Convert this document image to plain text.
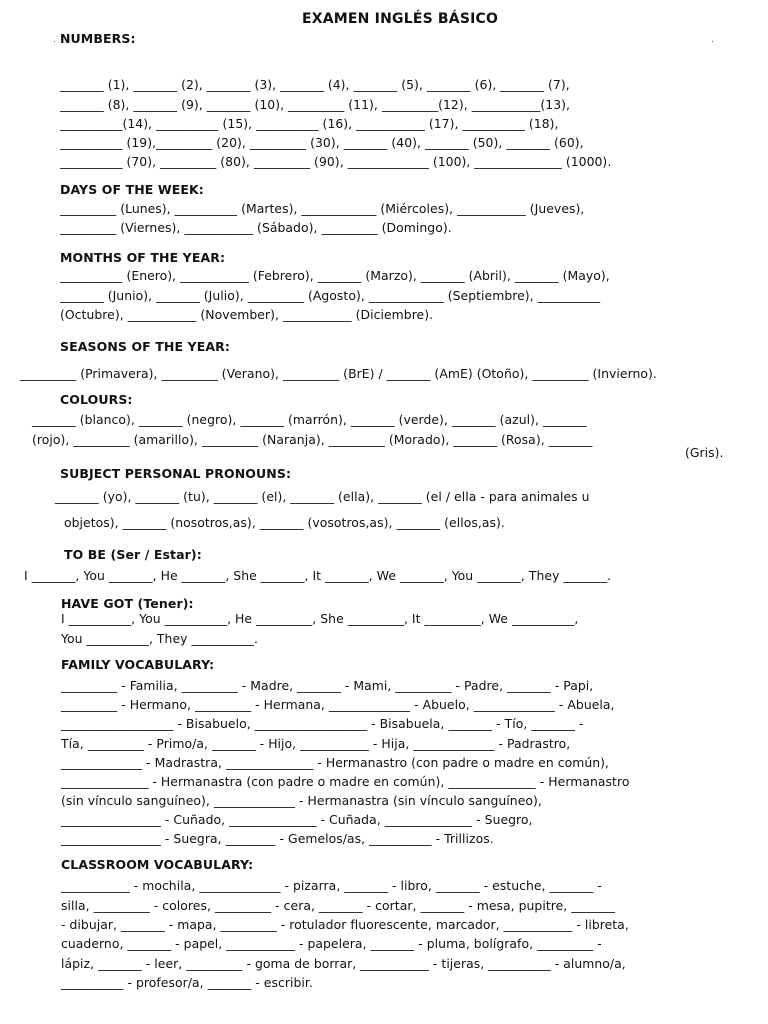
EXAMEN INGLÉS BÁSICO
.	.
NUMBERS:
_______ (1), _______ (2), _______ (3), _______ (4), _______ (5), _______ (6), _______ (7),
_______ (8), _______ (9), _______ (10), _________ (11), _________(12), ___________(13),
__________(14), __________ (15), __________ (16), ___________ (17), __________ (18),
__________ (19),_________ (20), _________ (30), _______ (40), _______ (50), _______ (60),
__________ (70), _________ (80), _________ (90), _____________ (100), ______________ (1000).
DAYS OF THE WEEK:
_________ (Lunes), __________ (Martes), ____________ (Miércoles), ___________ (Jueves),
_________ (Viernes), ___________ (Sábado), _________ (Domingo).
MONTHS OF THE YEAR:
__________ (Enero), ___________ (Febrero), _______ (Marzo), _______ (Abril), _______ (Mayo),
_______ (Junio), _______ (Julio), _________ (Agosto), ____________ (Septiembre), __________
(Octubre), ___________ (November), ___________ (Diciembre).
SEASONS OF THE YEAR:
_________ (Primavera), _________ (Verano), _________ (BrE) / _______ (AmE) (Otoño), _________ (Invierno).
COLOURS:
_______ (blanco), _______ (negro), _______ (marrón), _______ (verde), _______ (azul), _______
(rojo), _________ (amarillo), _________ (Naranja), _________ (Morado), _______ (Rosa), _______
(Gris).
SUBJECT PERSONAL PRONOUNS:
_______ (yo), _______ (tu), _______ (el), _______ (ella), _______ (el / ella - para animales u
objetos), _______ (nosotros,as), _______ (vosotros,as), _______ (ellos,as).
TO BE (Ser / Estar):
I _______, You _______, He _______, She _______, It _______, We _______, You _______, They _______.
HAVE GOT (Tener):
I __________, You __________, He _________, She _________, It _________, We __________,
You __________, They __________.
FAMILY VOCABULARY:
_________ - Familia, _________ - Madre, _______ - Mami, _________ - Padre, _______ - Papi,
_________ - Hermano, _________ - Hermana, _____________ - Abuelo, _____________ - Abuela,
__________________ - Bisabuelo, __________________ - Bisabuela, _______ - Tío, _______ -
Tía, _________ - Primo/a, _______ - Hijo, ___________ - Hija, _____________ - Padrastro,
_____________ - Madrastra, ______________ - Hermanastro (con padre o madre en común),
______________ - Hermanastra (con padre o madre en común), ______________ - Hermanastro
(sin vínculo sanguíneo), _____________ - Hermanastra (sin vínculo sanguíneo),
________________ - Cuñado, ______________ - Cuñada, ______________ - Suegro,
________________ - Suegra, ________ - Gemelos/as, __________ - Trillizos.
CLASSROOM VOCABULARY:
___________ - mochila, _____________ - pizarra, _______ - libro, _______ - estuche, _______ -
silla, _________ - colores, _________ - cera, _______ - cortar, _______ - mesa, pupitre, _______
- dibujar, _______ - mapa, _________ - rotulador fluorescente, marcador, ___________ - libreta,
cuaderno, _______ - papel, ___________ - papelera, _______ - pluma, bolígrafo, _________ -
lápiz, _______ - leer, _________ - goma de borrar, ___________ - tijeras, __________ - alumno/a,
__________ - profesor/a, _______ - escribir.
